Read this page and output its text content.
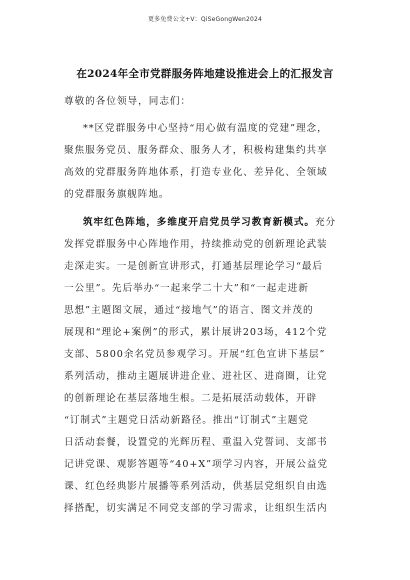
更多免费公文+V：QiSeGongWen2024
在2024年全市党群服务阵地建设推进会上的汇报发言
尊敬的各位领导，同志们：
**区党群服务中心坚持“用心做有温度的党建”理念，
聚焦服务党员、服务群众、服务人才，积极构建集约共享
高效的党群服务阵地体系，打造专业化、差异化、全领域
的党群服务旗舰阵地。
筑牢红色阵地，多维度开启党员学习教育新模式。充分
发挥党群服务中心阵地作用，持续推动党的创新理论武装
走深走实。一是创新宣讲形式，打通基层理论学习“最后
一公里”。先后举办“一起来学二十大”和“一起走进新
思想”主题图文展，通过“接地气”的语言、图文并茂的
展现和“理论+案例”的形式，累计展讲203场，412个党
支部、5800余名党员参观学习。开展“红色宣讲下基层”
系列活动，推动主题展讲进企业、进社区、进商圈，让党
的创新理论在基层落地生根。二是拓展活动载体，开辟
“订制式”主题党日活动新路径。推出“订制式”主题党
日活动套餐，设置党的光辉历程、重温入党誓词、支部书
记讲党课、观影答题等“40+X”项学习内容，开展公益党
课、红色经典影片展播等系列活动，供基层党组织自由选
择搭配，切实满足不同党支部的学习需求，让组织生活内
